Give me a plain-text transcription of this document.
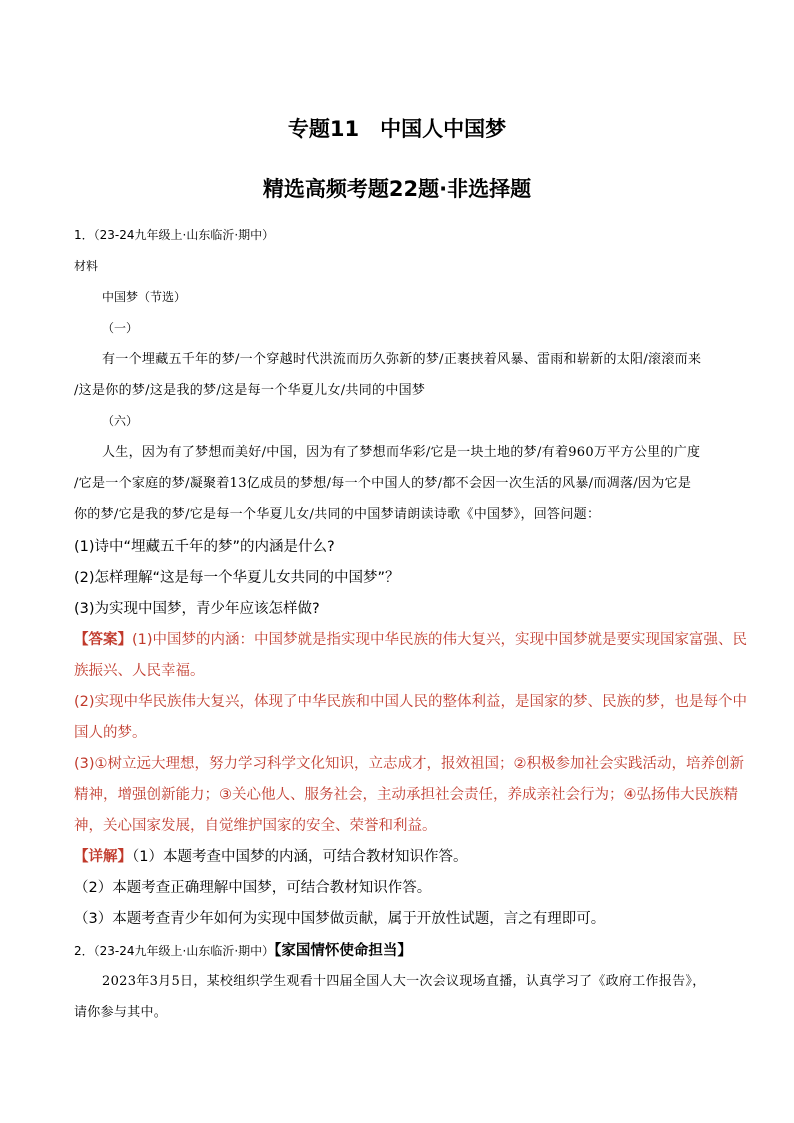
专题11　中国人中国梦
精选高频考题22题·非选择题
1．（23-24九年级上·山东临沂·期中）
材料
中国梦（节选）
（一）
有一个埋藏五千年的梦/一个穿越时代洪流而历久弥新的梦/正裹挟着风暴、雷雨和崭新的太阳/滚滚而来
/这是你的梦/这是我的梦/这是每一个华夏儿女/共同的中国梦
（六）
人生，因为有了梦想而美好/中国，因为有了梦想而华彩/它是一块土地的梦/有着960万平方公里的广度
/它是一个家庭的梦/凝聚着13亿成员的梦想/每一个中国人的梦/都不会因一次生活的风暴/而凋落/因为它是
你的梦/它是我的梦/它是每一个华夏儿女/共同的中国梦请朗读诗歌《中国梦》，回答问题：
(1)诗中“埋藏五千年的梦”的内涵是什么?
(2)怎样理解“这是每一个华夏儿女共同的中国梦”？
(3)为实现中国梦，青少年应该怎样做?
【答案】(1)中国梦的内涵：中国梦就是指实现中华民族的伟大复兴，实现中国梦就是要实现国家富强、民
族振兴、人民幸福。
(2)实现中华民族伟大复兴，体现了中华民族和中国人民的整体利益，是国家的梦、民族的梦，也是每个中
国人的梦。
(3)①树立远大理想，努力学习科学文化知识，立志成才，报效祖国；②积极参加社会实践活动，培养创新
精神，增强创新能力；③关心他人、服务社会，主动承担社会责任，养成亲社会行为；④弘扬伟大民族精
神，关心国家发展，自觉维护国家的安全、荣誉和利益。
【详解】（1）本题考查中国梦的内涵，可结合教材知识作答。
（2）本题考查正确理解中国梦，可结合教材知识作答。
（3）本题考查青少年如何为实现中国梦做贡献，属于开放性试题，言之有理即可。
2．（23-24九年级上·山东临沂·期中）【家国情怀使命担当】
2023年3月5日，某校组织学生观看十四届全国人大一次会议现场直播，认真学习了《政府工作报告》，
请你参与其中。
